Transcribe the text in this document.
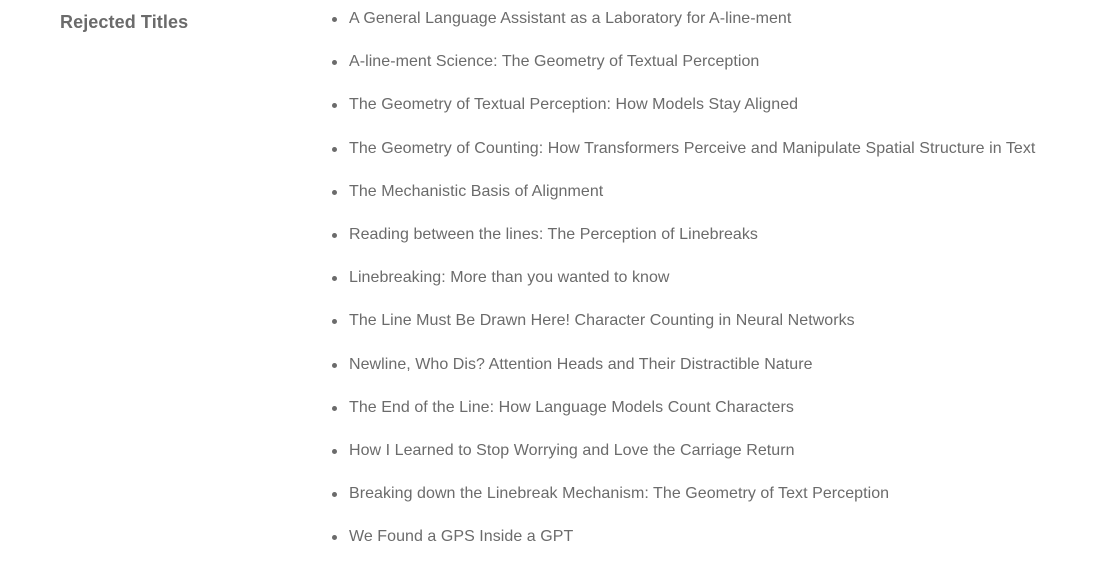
Rejected Titles	A General Language Assistant as a Laboratory for A-line-ment
A-line-ment Science: The Geometry of Textual Perception
The Geometry of Textual Perception: How Models Stay Aligned
The Geometry of Counting: How Transformers Perceive and Manipulate Spatial Structure in Text
The Mechanistic Basis of Alignment
Reading between the lines: The Perception of Linebreaks
Linebreaking: More than you wanted to know
The Line Must Be Drawn Here! Character Counting in Neural Networks
Newline, Who Dis? Attention Heads and Their Distractible Nature
The End of the Line: How Language Models Count Characters
How I Learned to Stop Worrying and Love the Carriage Return
Breaking down the Linebreak Mechanism: The Geometry of Text Perception
We Found a GPS Inside a GPT
